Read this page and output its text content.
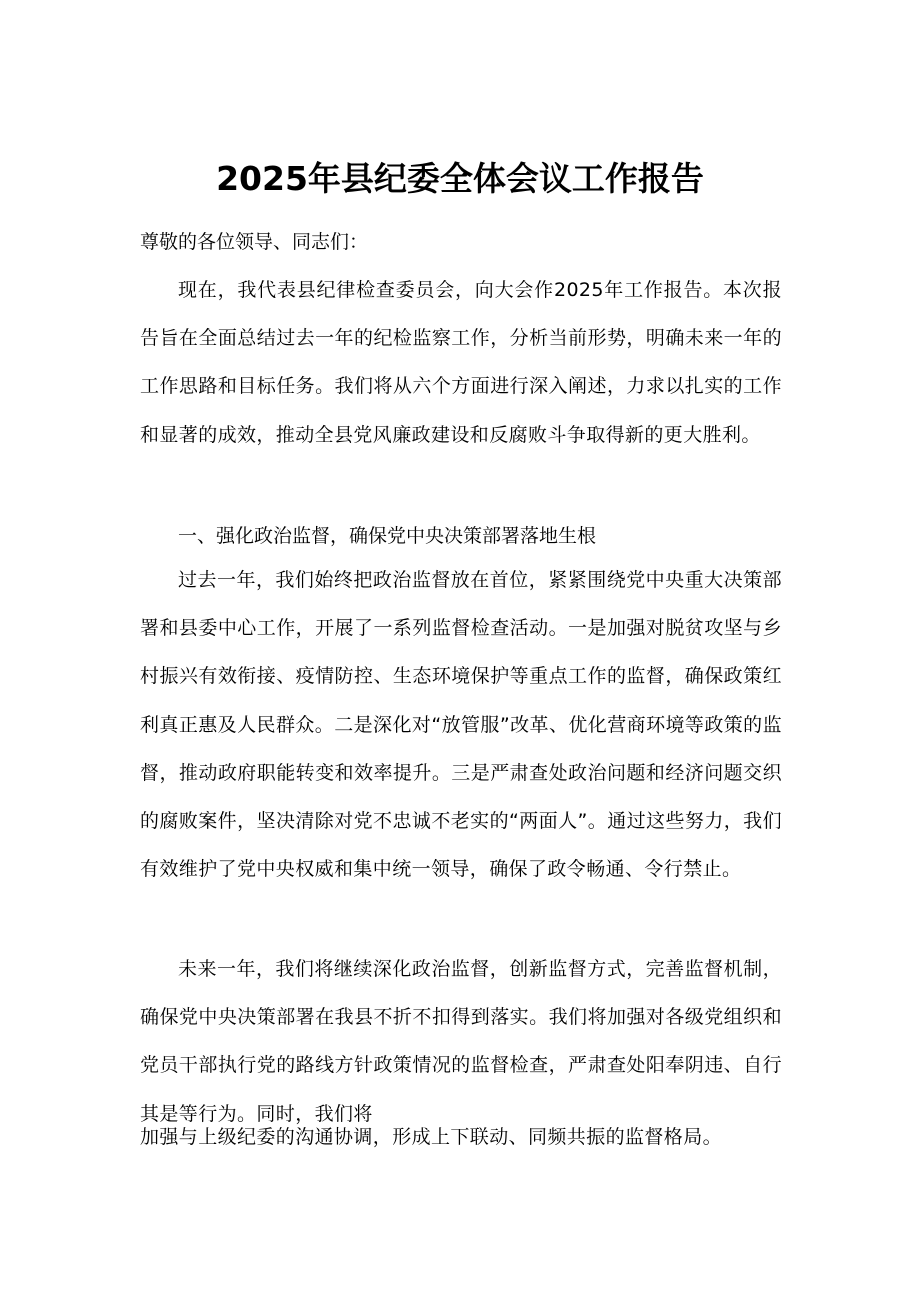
2025年县纪委全体会议工作报告
尊敬的各位领导、同志们：

现在，我代表县纪律检查委员会，向大会作2025年工作报告。本次报告旨在全面总结过去一年的纪检监察工作，分析当前形势，明确未来一年的工作思路和目标任务。我们将从六个方面进行深入阐述，力求以扎实的工作和显著的成效，推动全县党风廉政建设和反腐败斗争取得新的更大胜利。

一、强化政治监督，确保党中央决策部署落地生根

过去一年，我们始终把政治监督放在首位，紧紧围绕党中央重大决策部署和县委中心工作，开展了一系列监督检查活动。一是加强对脱贫攻坚与乡村振兴有效衔接、疫情防控、生态环境保护等重点工作的监督，确保政策红利真正惠及人民群众。二是深化对“放管服”改革、优化营商环境等政策的监督，推动政府职能转变和效率提升。三是严肃查处政治问题和经济问题交织的腐败案件，坚决清除对党不忠诚不老实的“两面人”。通过这些努力，我们有效维护了党中央权威和集中统一领导，确保了政令畅通、令行禁止。

未来一年，我们将继续深化政治监督，创新监督方式，完善监督机制，确保党中央决策部署在我县不折不扣得到落实。我们将加强对各级党组织和党员干部执行党的路线方针政策情况的监督检查，严肃查处阳奉阴违、自行其是等行为。同时，我们将

加强与上级纪委的沟通协调，形成上下联动、同频共振的监督格局。
